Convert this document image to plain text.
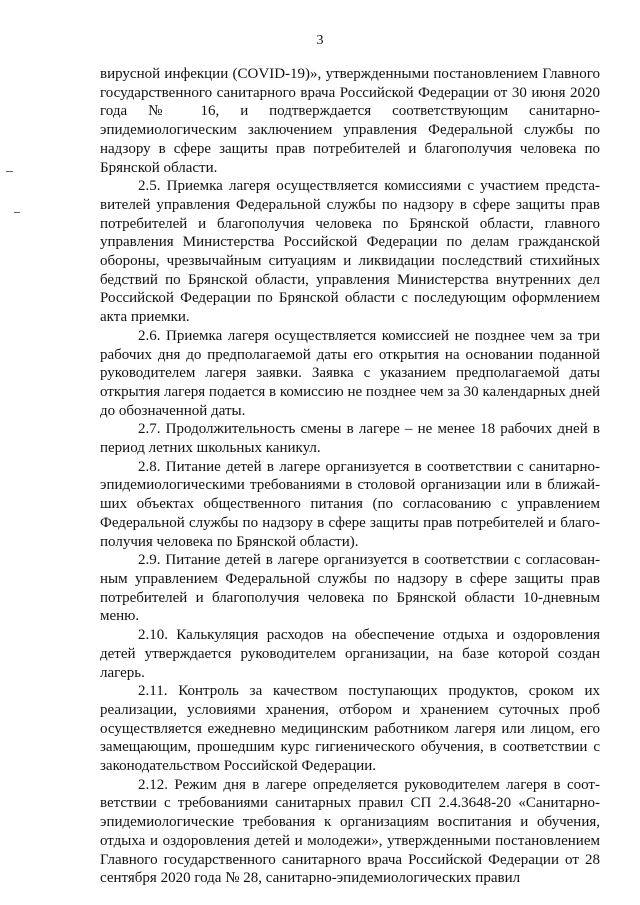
3

вирусной инфекции (COVID-19)», утвержденными постановлением Главного государственного санитарного врача Российской Федерации от 30 июня 2020 года № 16, и подтверждается соответствующим санитарно-эпидемиологическим заключением управления Федеральной службы по надзору в сфере защиты прав потребителей и благополучия человека по Брянской области.

2.5. Приемка лагеря осуществляется комиссиями с участием представителей управления Федеральной службы по надзору в сфере защиты прав потребителей и благополучия человека по Брянской области, главного управления Министерства Российской Федерации по делам гражданской обороны, чрезвычайным ситуациям и ликвидации последствий стихийных бедствий по Брянской области, управления Министерства внутренних дел Российской Федерации по Брянской области с последующим оформлением акта приемки.

2.6. Приемка лагеря осуществляется комиссией не позднее чем за три рабочих дня до предполагаемой даты его открытия на основании поданной руководителем лагеря заявки. Заявка с указанием предполагаемой даты открытия лагеря подается в комиссию не позднее чем за 30 календарных дней до обозначенной даты.

2.7. Продолжительность смены в лагере – не менее 18 рабочих дней в период летних школьных каникул.

2.8. Питание детей в лагере организуется в соответствии с санитарно-эпидемиологическими требованиями в столовой организации или в ближайших объектах общественного питания (по согласованию с управлением Федеральной службы по надзору в сфере защиты прав потребителей и благополучия человека по Брянской области).

2.9. Питание детей в лагере организуется в соответствии с согласованным управлением Федеральной службы по надзору в сфере защиты прав потребителей и благополучия человека по Брянской области 10-дневным меню.

2.10. Калькуляция расходов на обеспечение отдыха и оздоровления детей утверждается руководителем организации, на базе которой создан лагерь.

2.11. Контроль за качеством поступающих продуктов, сроком их реализации, условиями хранения, отбором и хранением суточных проб осуществляется ежедневно медицинским работником лагеря или лицом, его замещающим, прошедшим курс гигиенического обучения, в соответствии с законодательством Российской Федерации.

2.12. Режим дня в лагере определяется руководителем лагеря в соответствии с требованиями санитарных правил СП 2.4.3648-20 «Санитарно-эпидемиологические требования к организациям воспитания и обучения, отдыха и оздоровления детей и молодежи», утвержденными постановлением Главного государственного санитарного врача Российской Федерации от 28 сентября 2020 года № 28, санитарно-эпидемиологических правил
